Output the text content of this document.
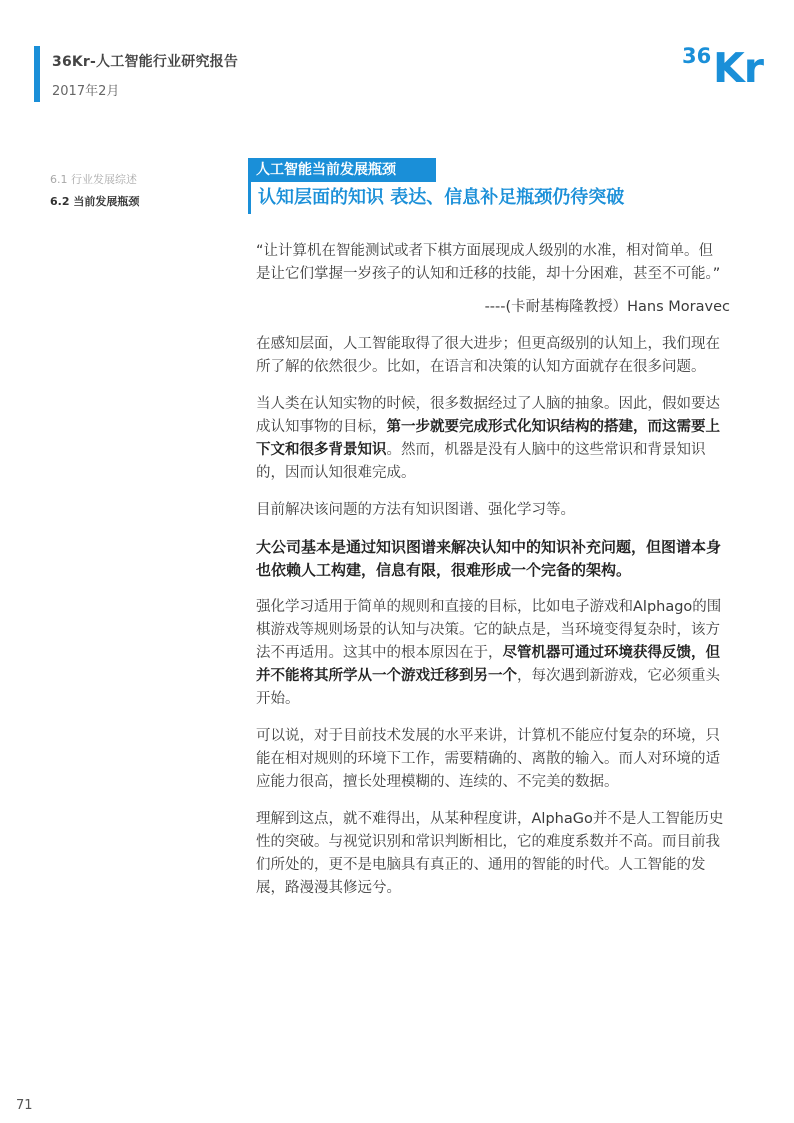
36Kr-人工智能行业研究报告
2017年2月
36 Kr
6.1 行业发展综述
6.2 当前发展瓶颈
人工智能当前发展瓶颈
认知层面的知识 表达、信息补足瓶颈仍待突破

“让计算机在智能测试或者下棋方面展现成人级别的水准，相对简单。但是让它们掌握一岁孩子的认知和迁移的技能，却十分困难，甚至不可能。”

----(卡耐基梅隆教授）Hans Moravec

在感知层面，人工智能取得了很大进步；但更高级别的认知上，我们现在所了解的依然很少。比如，在语言和决策的认知方面就存在很多问题。

当人类在认知实物的时候，很多数据经过了人脑的抽象。因此，假如要达成认知事物的目标，第一步就要完成形式化知识结构的搭建，而这需要上下文和很多背景知识。然而，机器是没有人脑中的这些常识和背景知识的，因而认知很难完成。

目前解决该问题的方法有知识图谱、强化学习等。

大公司基本是通过知识图谱来解决认知中的知识补充问题，但图谱本身也依赖人工构建，信息有限，很难形成一个完备的架构。

强化学习适用于简单的规则和直接的目标，比如电子游戏和Alphago的围棋游戏等规则场景的认知与决策。它的缺点是，当环境变得复杂时，该方法不再适用。这其中的根本原因在于，尽管机器可通过环境获得反馈，但并不能将其所学从一个游戏迁移到另一个，每次遇到新游戏，它必须重头开始。

可以说，对于目前技术发展的水平来讲，计算机不能应付复杂的环境，只能在相对规则的环境下工作，需要精确的、离散的输入。而人对环境的适应能力很高，擅长处理模糊的、连续的、不完美的数据。

理解到这点，就不难得出，从某种程度讲，AlphaGo并不是人工智能历史性的突破。与视觉识别和常识判断相比，它的难度系数并不高。而目前我们所处的，更不是电脑具有真正的、通用的智能的时代。人工智能的发展，路漫漫其修远兮。

71
